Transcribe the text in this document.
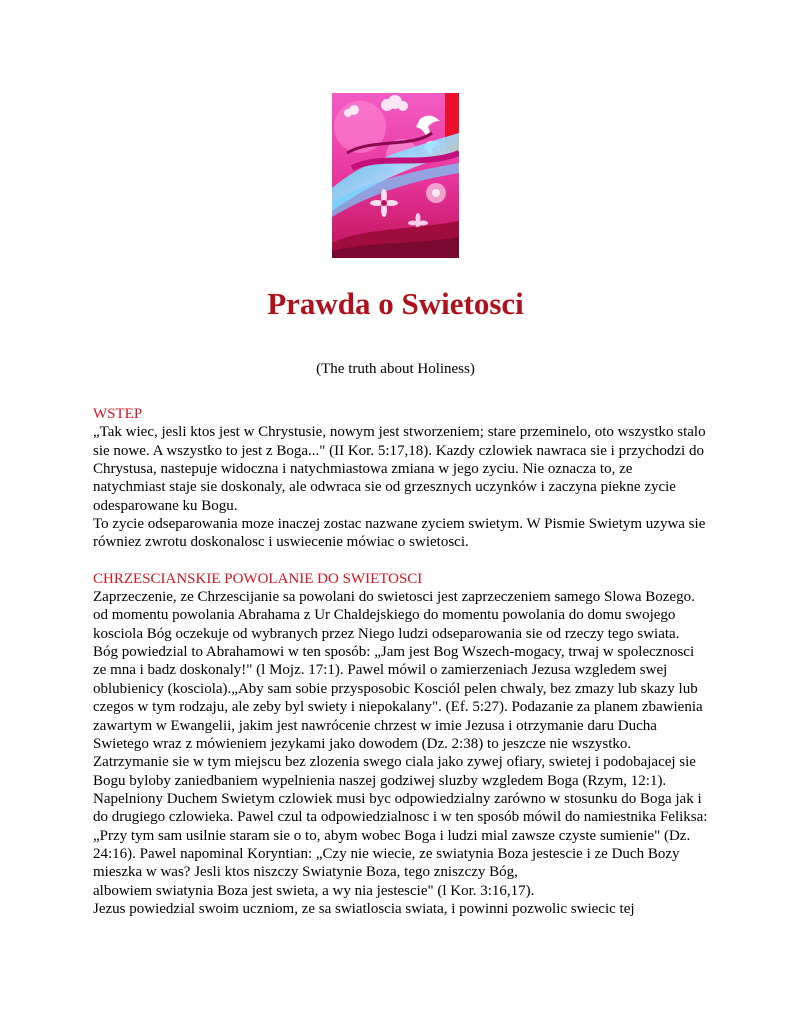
Prawda o Swietosci

(The truth about Holiness)

WSTEP

„Tak wiec, jesli ktos jest w Chrystusie, nowym jest stworzeniem; stare przeminelo, oto wszystko stalo sie nowe. A wszystko to jest z Boga..." (II Kor. 5:17,18). Kazdy czlowiek nawraca sie i przychodzi do Chrystusa, nastepuje widoczna i natychmiastowa zmiana w jego zyciu. Nie oznacza to, ze natychmiast staje sie doskonaly, ale odwraca sie od grzesznych uczynków i zaczyna piekne zycie odesparowane ku Bogu.

To zycie odseparowania moze inaczej zostac nazwane zyciem swietym. W Pismie Swietym uzywa sie równiez zwrotu doskonalosc i uswiecenie mówiac o swietosci.

CHRZESCIANSKIE POWOLANIE DO SWIETOSCI

Zaprzeczenie, ze Chrzescijanie sa powolani do swietosci jest zaprzeczeniem samego Slowa Bozego. od momentu powolania Abrahama z Ur Chaldejskiego do momentu powolania do domu swojego kosciola Bóg oczekuje od wybranych przez Niego ludzi odseparowania sie od rzeczy tego swiata. Bóg powiedzial to Abrahamowi w ten sposób: „Jam jest Bog Wszech-mogacy, trwaj w spolecznosci ze mna i badz doskonaly!" (l Mojz. 17:1). Pawel mówil o zamierzeniach Jezusa wzgledem swej oblubienicy (kosciola).„Aby sam sobie przysposobic Kosciól pelen chwaly, bez zmazy lub skazy lub czegos w tym rodzaju, ale zeby byl swiety i niepokalany". (Ef. 5:27). Podazanie za planem zbawienia zawartym w Ewangelii, jakim jest nawrócenie chrzest w imie Jezusa i otrzymanie daru Ducha Swietego wraz z mówieniem jezykami jako dowodem (Dz. 2:38) to jeszcze nie wszystko. Zatrzymanie sie w tym miejscu bez zlozenia swego ciala jako zywej ofiary, swietej i podobajacej sie Bogu byloby zaniedbaniem wypelnienia naszej godziwej sluzby wzgledem Boga (Rzym, 12:1). Napelniony Duchem Swietym czlowiek musi byc odpowiedzialny zarówno w stosunku do Boga jak i do drugiego czlowieka. Pawel czul ta odpowiedzialnosc i w ten sposób mówil do namiestnika Feliksa: „Przy tym sam usilnie staram sie o to, abym wobec Boga i ludzi mial zawsze czyste sumienie" (Dz. 24:16). Pawel napominal Koryntian: „Czy nie wiecie, ze swiatynia Boza jestescie i ze Duch Bozy mieszka w was? Jesli ktos niszczy Swiatynie Boza, tego zniszczy Bóg,

albowiem swiatynia Boza jest swieta, a wy nia jestescie" (l Kor. 3:16,17).

Jezus powiedzial swoim uczniom, ze sa swiatloscia swiata, i powinni pozwolic swiecic tej
